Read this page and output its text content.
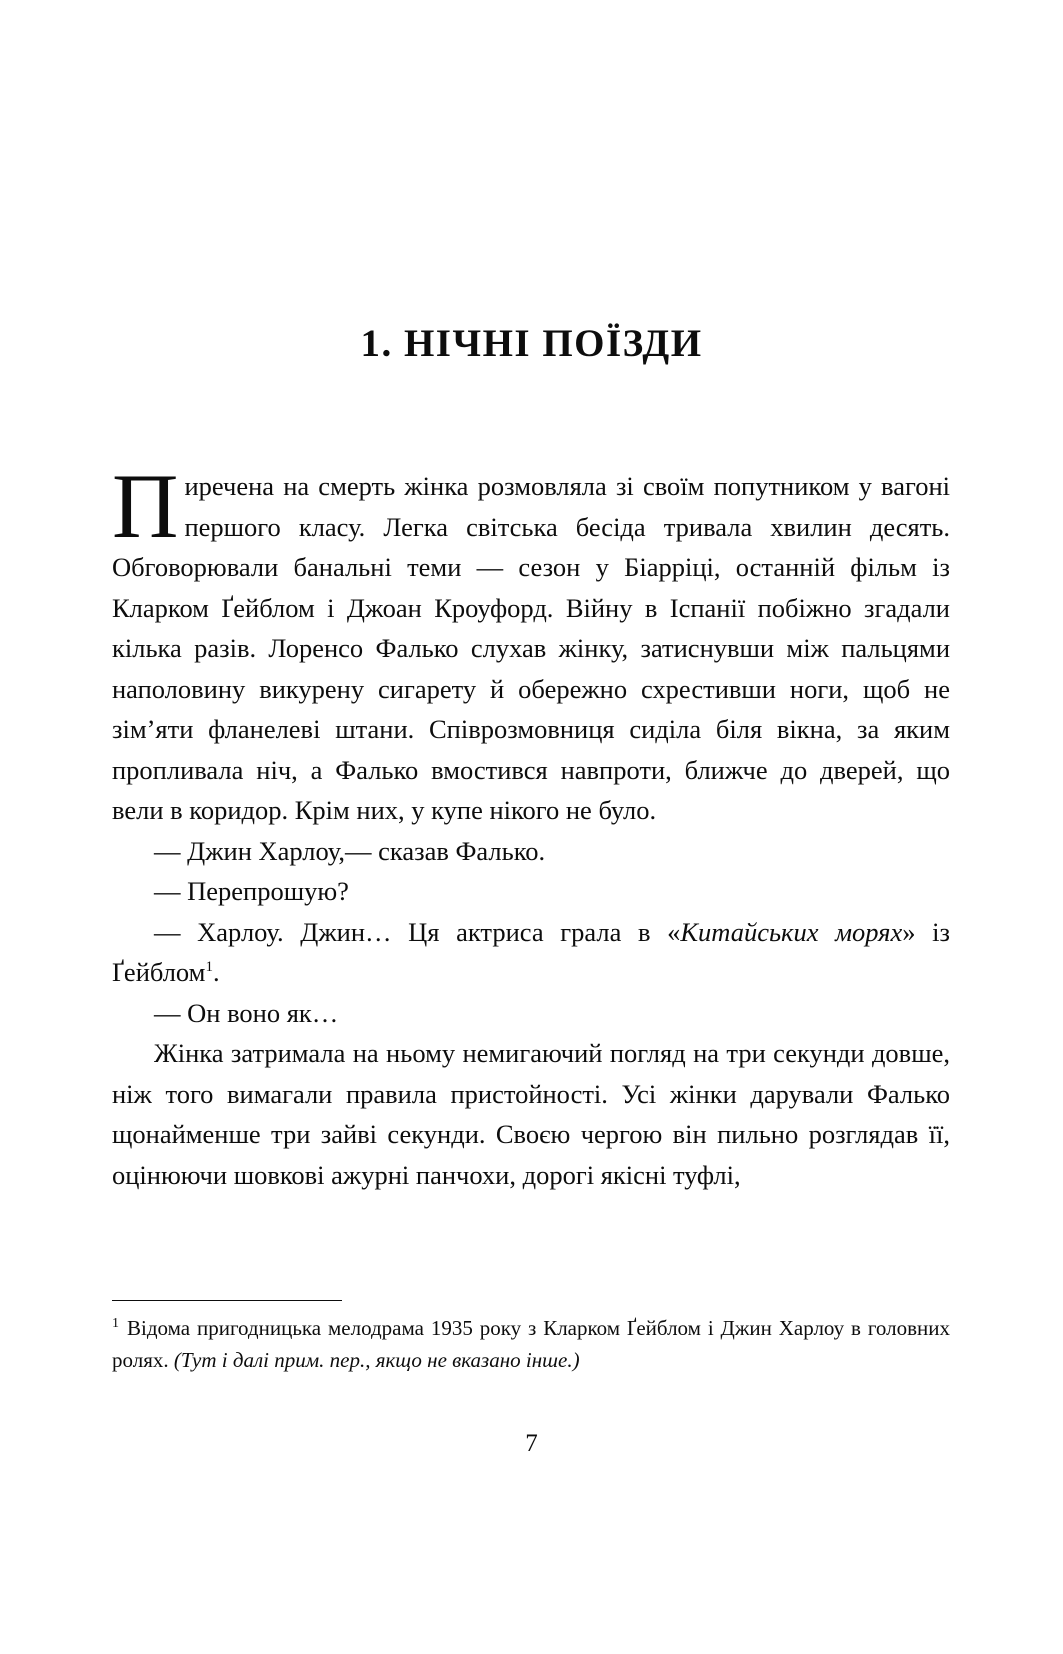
1. НІЧНІ ПОЇЗДИ

Пиречена на смерть жінка розмовляла зі своїм попутником у вагоні першого класу. Легка світська бесіда тривала хвилин десять. Обговорювали банальні теми — сезон у Біарріці, останній фільм із Кларком Ґейблом і Джоан Кроуфорд. Війну в Іспанії побіжно згадали кілька разів. Лоренсо Фалько слухав жінку, затиснувши між пальцями наполовину викурену сигарету й обережно схрестивши ноги, щоб не зім’яти фланелеві штани. Співрозмовниця сиділа біля вікна, за яким пропливала ніч, а Фалько вмостився навпроти, ближче до дверей, що вели в коридор. Крім них, у купе нікого не було.

— Джин Харлоу,— сказав Фалько.

— Перепрошую?

— Харлоу. Джин… Ця актриса грала в «Китайських морях» із Ґейблом$^1$.

— Он воно як…

Жінка затримала на ньому немигаючий погляд на три секунди довше, ніж того вимагали правила пристойності. Усі жінки дарували Фалько щонайменше три зайві секунди. Своєю чергою він пильно розглядав її, оцінюючи шовкові ажурні панчохи, дорогі якісні туфлі,

$^1$ Відома пригодницька мелодрама 1935 року з Кларком Ґейблом і Джин Харлоу в головних ролях. (Тут і далі прим. пер., якщо не вказано інше.)
7
